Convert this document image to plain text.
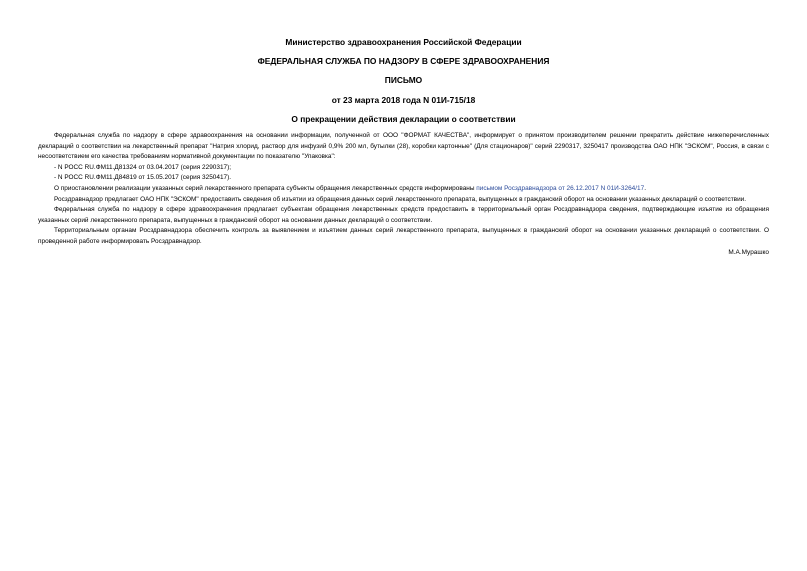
Министерство здравоохранения Российской Федерации
ФЕДЕРАЛЬНАЯ СЛУЖБА ПО НАДЗОРУ В СФЕРЕ ЗДРАВООХРАНЕНИЯ
ПИСЬМО
от 23 марта 2018 года N 01И-715/18
О прекращении действия декларации о соответствии

Федеральная служба по надзору в сфере здравоохранения на основании информации, полученной от ООО "ФОРМАТ КАЧЕСТВА", информирует о принятом производителем решении прекратить действие нижеперечисленных деклараций о соответствии на лекарственный препарат "Натрия хлорид, раствор для инфузий 0,9% 200 мл, бутылки (28), коробки картонные" (Для стационаров)" серий 2290317, 3250417 производства ОАО НПК "ЭСКОМ", Россия, в связи с несоответствием его качества требованиям нормативной документации по показателю "Упаковка":

- N РОСС RU.ФМ11.Д81324 от 03.04.2017 (серия 2290317);

- N РОСС RU.ФМ11.Д84819 от 15.05.2017 (серия 3250417).

О приостановлении реализации указанных серий лекарственного препарата субъекты обращения лекарственных средств информированы письмом Росздравнадзора от 26.12.2017 N 01И-3264/17.

Росздравнадзор предлагает ОАО НПК "ЭСКОМ" предоставить сведения об изъятии из обращения данных серий лекарственного препарата, выпущенных в гражданский оборот на основании указанных деклараций о соответствии.

Федеральная служба по надзору в сфере здравоохранения предлагает субъектам обращения лекарственных средств предоставить в территориальный орган Росздравнадзора сведения, подтверждающие изъятие из обращения указанных серий лекарственного препарата, выпущенных в гражданский оборот на основании данных деклараций о соответствии.

Территориальным органам Росздравнадзора обеспечить контроль за выявлением и изъятием данных серий лекарственного препарата, выпущенных в гражданский оборот на основании указанных деклараций о соответствии. О проведенной работе информировать Росздравнадзор.

М.А.Мурашко
